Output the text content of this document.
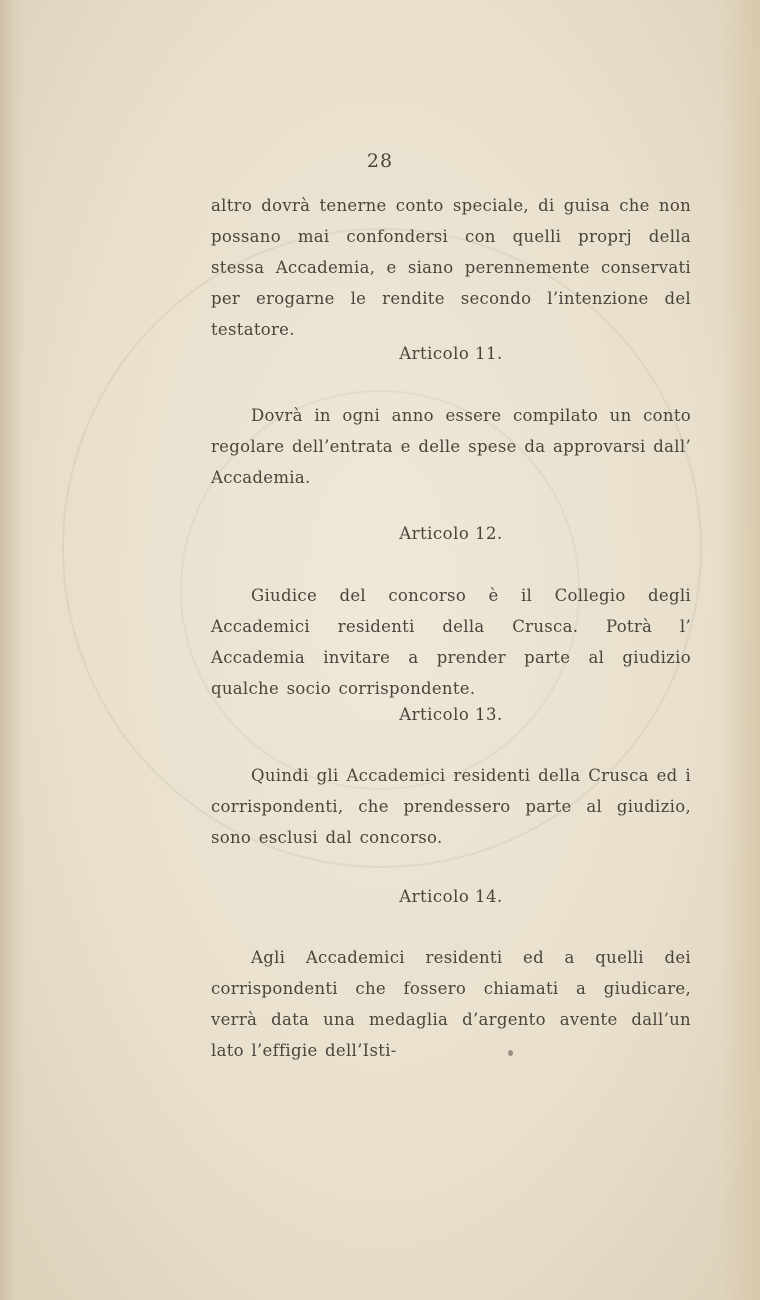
28
altro dovrà tenerne conto speciale, di guisa che non possano mai confondersi con quelli proprj della stessa Accademia, e siano perennemente conservati per erogarne le rendite secondo l’intenzione del testatore.
Articolo 11.
Dovrà in ogni anno essere compilato un conto regolare dell’entrata e delle spese da approvarsi dall’ Accademia.
Articolo 12.
Giudice del concorso è il Collegio degli Accademici residenti della Crusca. Potrà l’ Accademia invitare a prender parte al giudizio qualche socio corrispondente.
Articolo 13.
Quindi gli Accademici residenti della Crusca ed i corrispondenti, che prendessero parte al giudizio, sono esclusi dal concorso.
Articolo 14.
Agli Accademici residenti ed a quelli dei corrispondenti che fossero chiamati a giudicare, verrà data una medaglia d’argento avente dall’un lato l’effigie dell’Isti-
